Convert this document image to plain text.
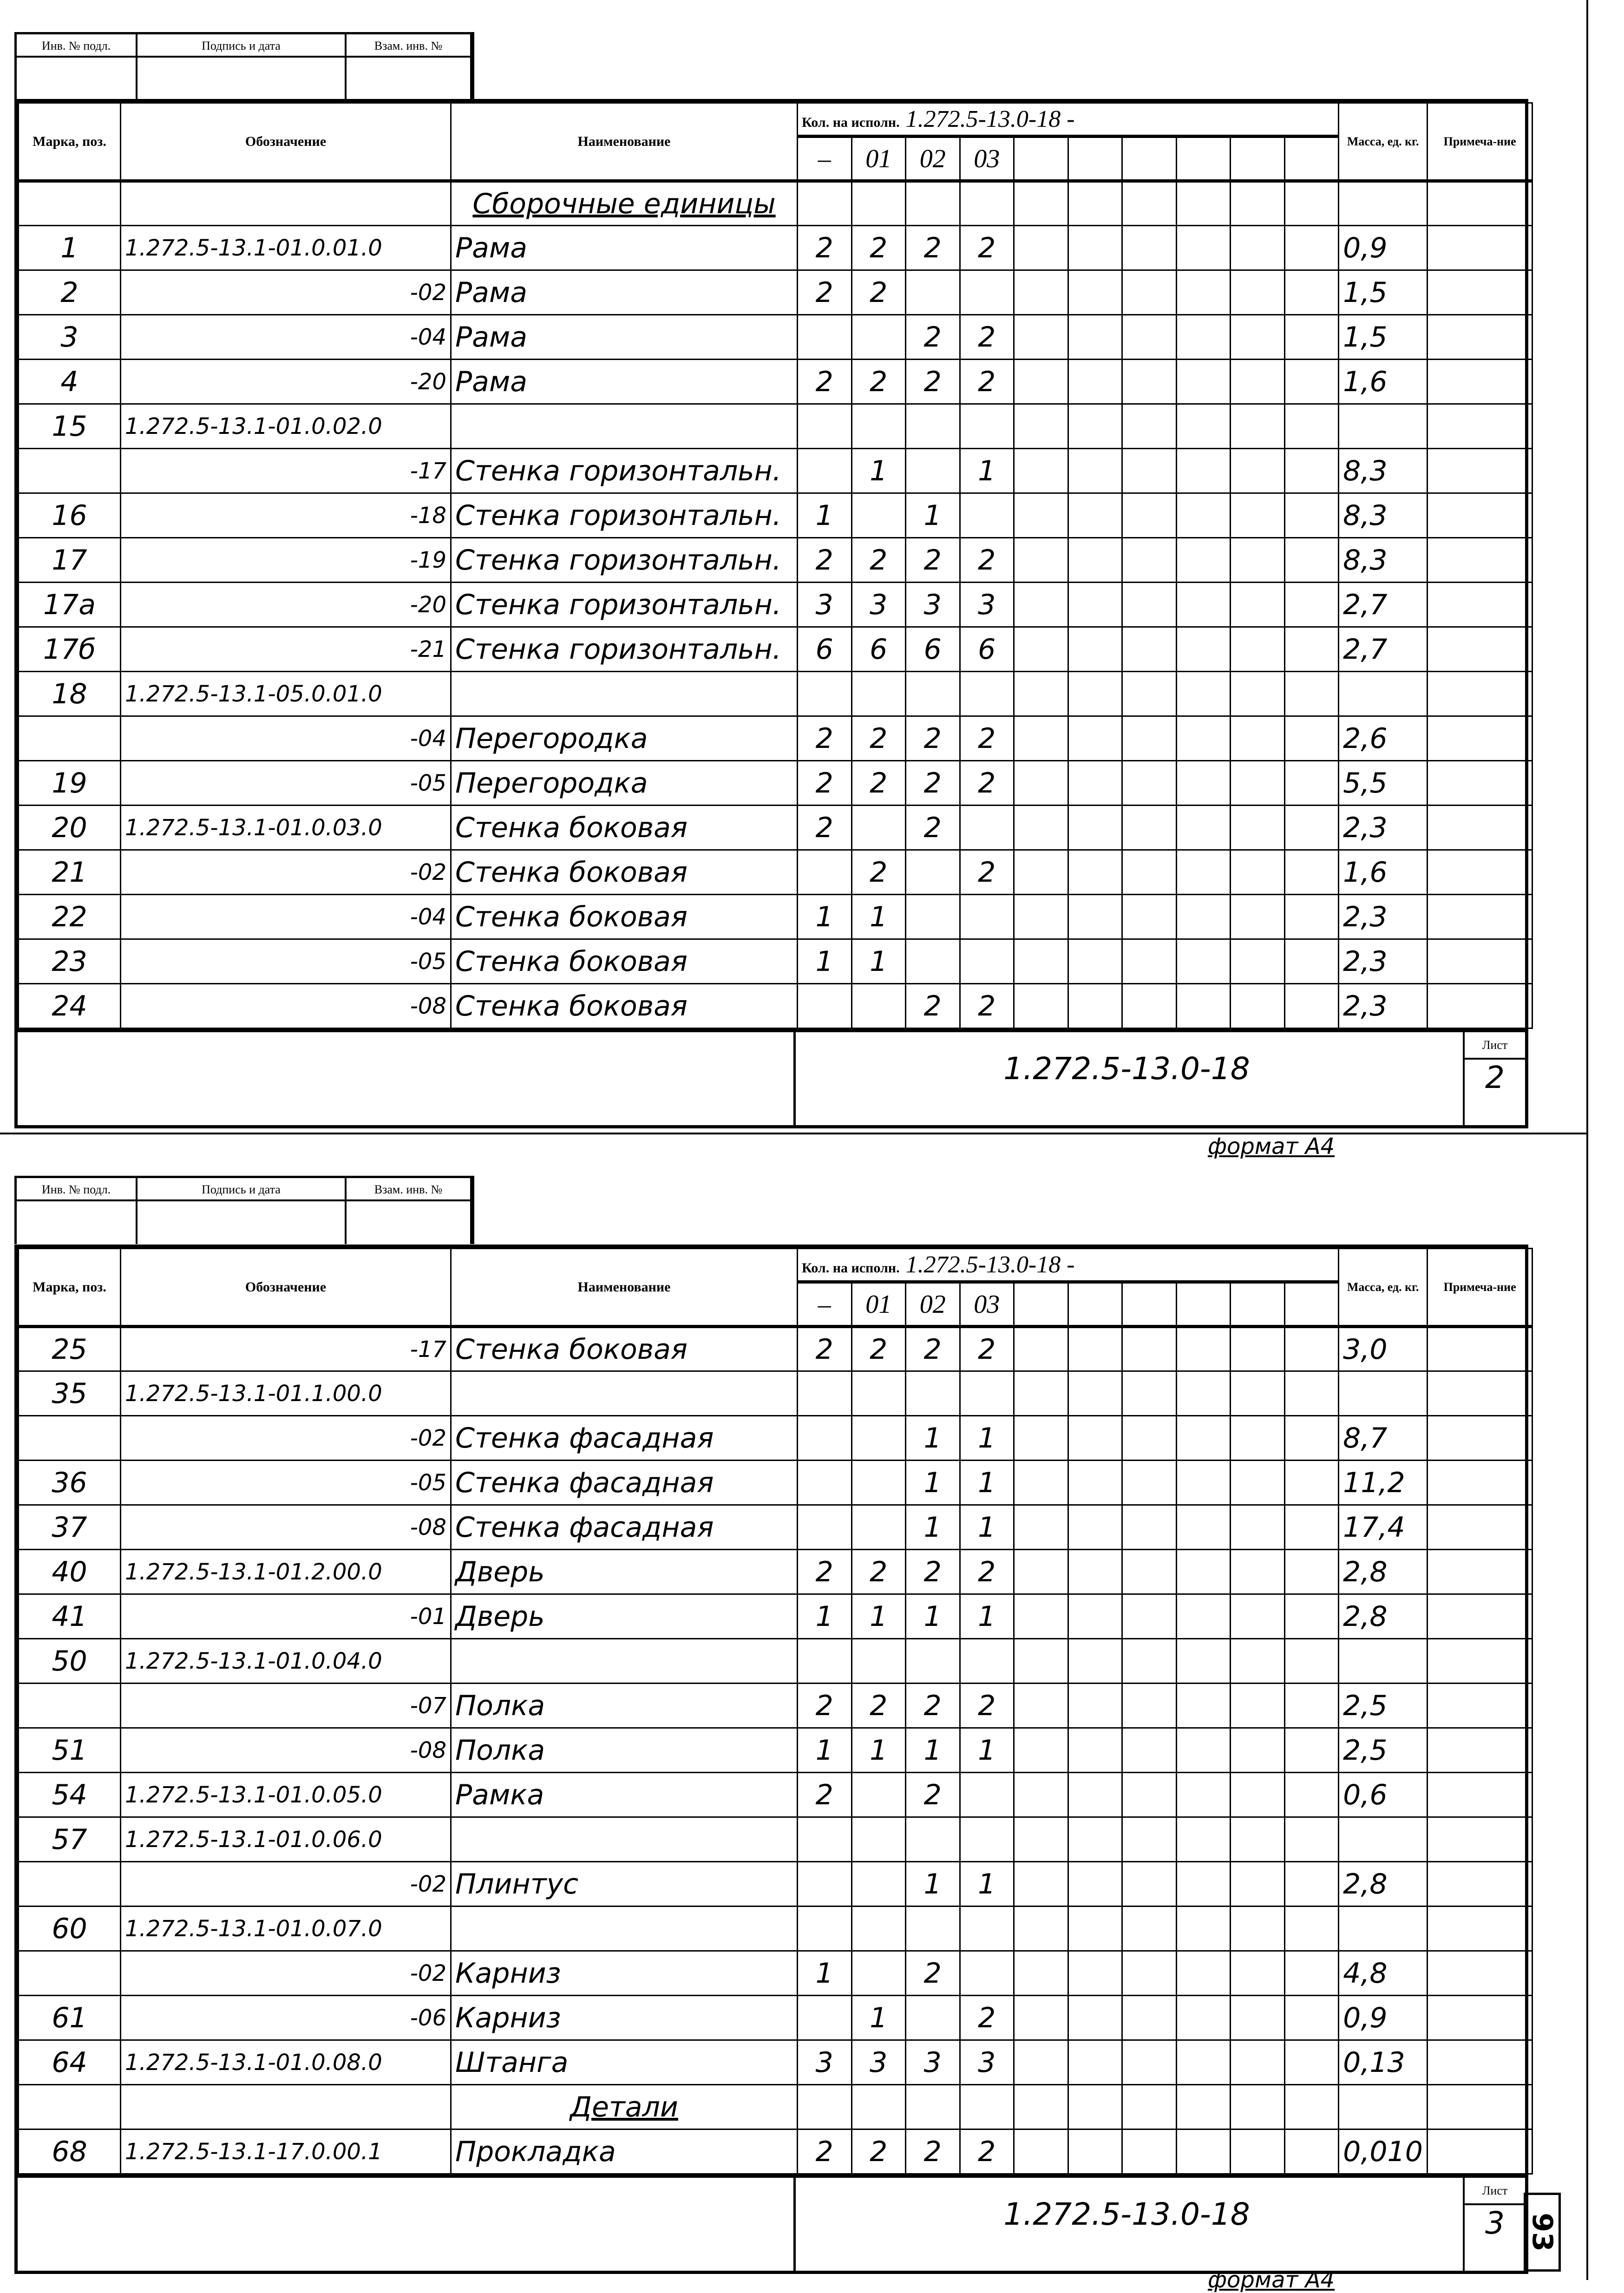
Инв. № подл.	Подпись и дата	Взам. инв. №
Марка, поз.	Обозначение	Наименование	Кол. на исполн. 1.272.5-13.0-18 -										Масса, ед. кг.	Примеча-ние
			–	01	02	03								
		Сборочные единицы												
1	1.272.5-13.1-01.0.01.0	Рама	2	2	2	2							0,9	
2	-02	Рама	2	2									1,5	
3	-04	Рама			2	2							1,5	
4	-20	Рама	2	2	2	2							1,6	
15	1.272.5-13.1-01.0.02.0													
	-17	Стенка горизонтальн.		1		1							8,3	
16	-18	Стенка горизонтальн.	1		1								8,3	
17	-19	Стенка горизонтальн.	2	2	2	2							8,3	
17а	-20	Стенка горизонтальн.	3	3	3	3							2,7	
17б	-21	Стенка горизонтальн.	6	6	6	6							2,7	
18	1.272.5-13.1-05.0.01.0													
	-04	Перегородка	2	2	2	2							2,6	
19	-05	Перегородка	2	2	2	2							5,5	
20	1.272.5-13.1-01.0.03.0	Стенка боковая	2		2								2,3	
21	-02	Стенка боковая		2		2							1,6	
22	-04	Стенка боковая	1	1									2,3	
23	-05	Стенка боковая	1	1									2,3	
24	-08	Стенка боковая			2	2							2,3	
1.272.5-13.0-18
Лист
2
формат А4
Инв. № подл.	Подпись и дата	Взам. инв. №
Марка, поз.	Обозначение	Наименование	Кол. на исполн. 1.272.5-13.0-18 -										Масса, ед. кг.	Примеча-ние
			–	01	02	03								
25	-17	Стенка боковая	2	2	2	2							3,0	
35	1.272.5-13.1-01.1.00.0													
	-02	Стенка фасадная			1	1							8,7	
36	-05	Стенка фасадная			1	1							11,2	
37	-08	Стенка фасадная			1	1							17,4	
40	1.272.5-13.1-01.2.00.0	Дверь	2	2	2	2							2,8	
41	-01	Дверь	1	1	1	1							2,8	
50	1.272.5-13.1-01.0.04.0													
	-07	Полка	2	2	2	2							2,5	
51	-08	Полка	1	1	1	1							2,5	
54	1.272.5-13.1-01.0.05.0	Рамка	2		2								0,6	
57	1.272.5-13.1-01.0.06.0													
	-02	Плинтус			1	1							2,8	
60	1.272.5-13.1-01.0.07.0													
	-02	Карниз	1		2								4,8	
61	-06	Карниз		1		2							0,9	
64	1.272.5-13.1-01.0.08.0	Штанга	3	3	3	3							0,13	
		Детали												
68	1.272.5-13.1-17.0.00.1	Прокладка	2	2	2	2							0,010	
1.272.5-13.0-18
Лист
3
формат А4
93
